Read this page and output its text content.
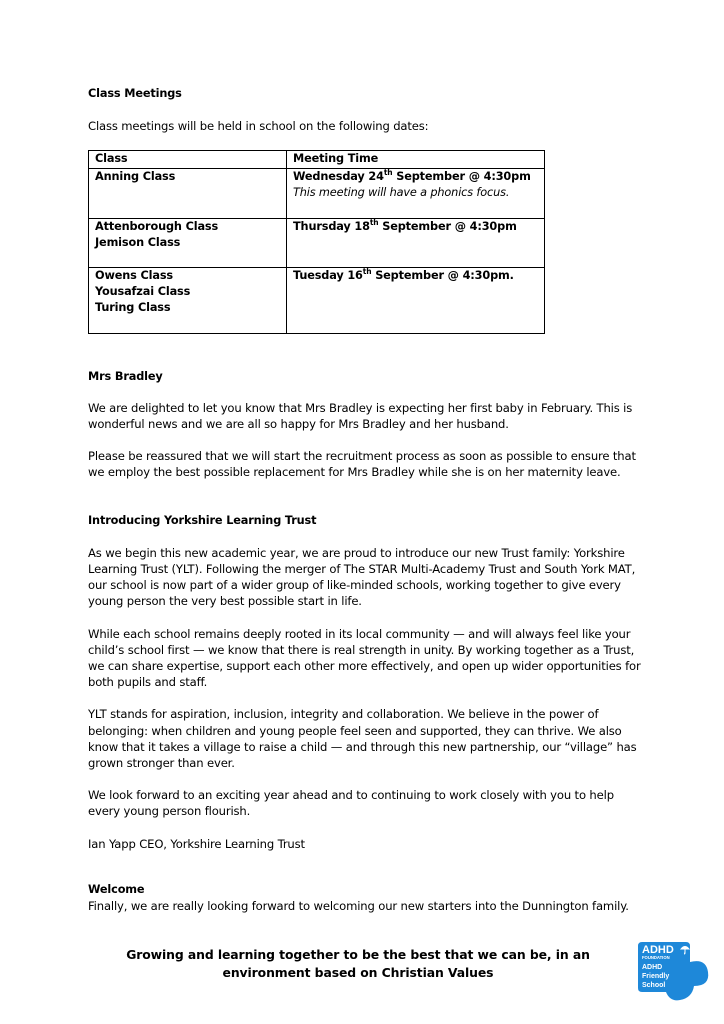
Class Meetings

Class meetings will be held in school on the following dates:

Class	Meeting Time

Anning Class	Wednesday 24th September @ 4:30pm
This meeting will have a phonics focus.

Attenborough Class
Jemison Class	Thursday 18th September @ 4:30pm

Owens Class
Yousafzai Class
Turing Class	Tuesday 16th September @ 4:30pm.

Mrs Bradley

We are delighted to let you know that Mrs Bradley is expecting her first baby in February. This is wonderful news and we are all so happy for Mrs Bradley and her husband.

Please be reassured that we will start the recruitment process as soon as possible to ensure that we employ the best possible replacement for Mrs Bradley while she is on her maternity leave.

Introducing Yorkshire Learning Trust

As we begin this new academic year, we are proud to introduce our new Trust family: Yorkshire Learning Trust (YLT). Following the merger of The STAR Multi-Academy Trust and South York MAT, our school is now part of a wider group of like-minded schools, working together to give every young person the very best possible start in life.

While each school remains deeply rooted in its local community — and will always feel like your child’s school first — we know that there is real strength in unity. By working together as a Trust, we can share expertise, support each other more effectively, and open up wider opportunities for both pupils and staff.

YLT stands for aspiration, inclusion, integrity and collaboration. We believe in the power of belonging: when children and young people feel seen and supported, they can thrive. We also know that it takes a village to raise a child — and through this new partnership, our “village” has grown stronger than ever.

We look forward to an exciting year ahead and to continuing to work closely with you to help every young person flourish.

Ian Yapp CEO, Yorkshire Learning Trust

Welcome

Finally, we are really looking forward to welcoming our new starters into the Dunnington family.

Growing and learning together to be the best that we can be, in an environment based on Christian Values
ADHD
FOUNDATION
ADHD
Friendly
School
